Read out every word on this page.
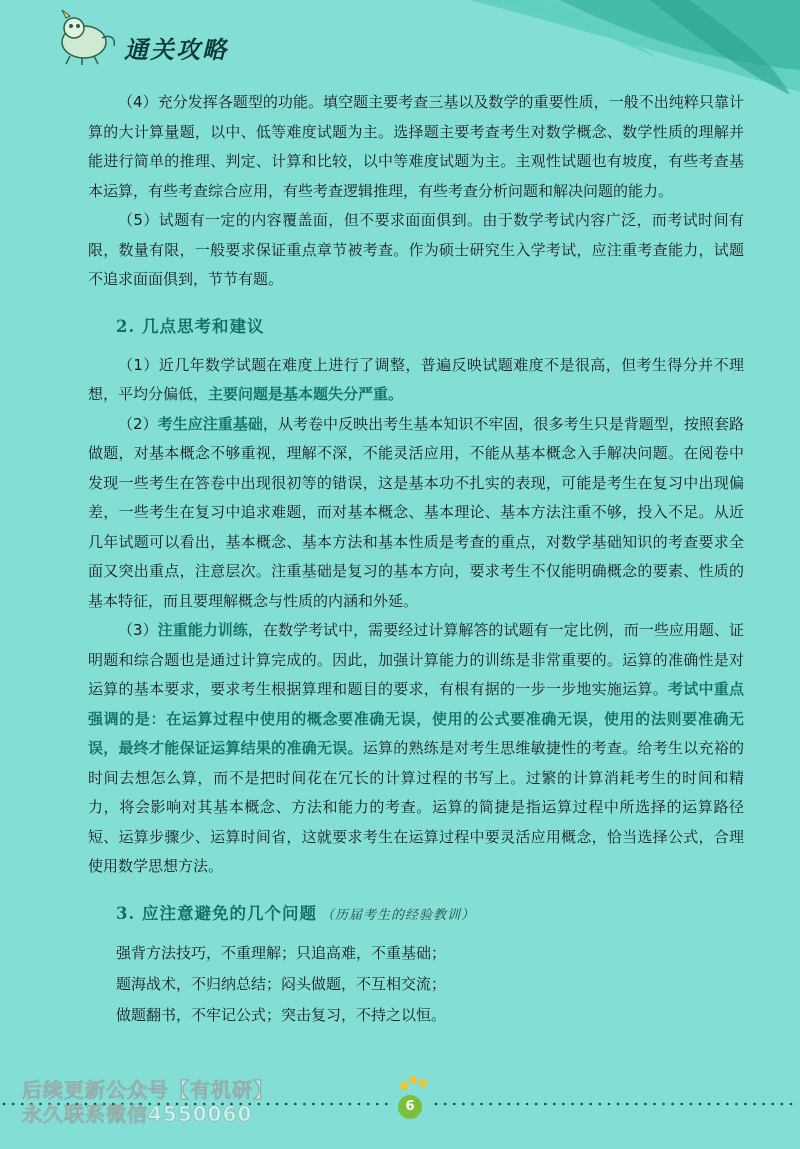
通关攻略

（4）充分发挥各题型的功能。填空题主要考查三基以及数学的重要性质，一般不出纯粹只靠计算的大计算量题，以中、低等难度试题为主。选择题主要考查考生对数学概念、数学性质的理解并能进行简单的推理、判定、计算和比较，以中等难度试题为主。主观性试题也有坡度，有些考查基本运算，有些考查综合应用，有些考查逻辑推理，有些考查分析问题和解决问题的能力。

（5）试题有一定的内容覆盖面，但不要求面面俱到。由于数学考试内容广泛，而考试时间有限，数量有限，一般要求保证重点章节被考查。作为硕士研究生入学考试，应注重考查能力，试题不追求面面俱到，节节有题。

2. 几点思考和建议

（1）近几年数学试题在难度上进行了调整，普遍反映试题难度不是很高，但考生得分并不理想，平均分偏低，主要问题是基本题失分严重。

（2）考生应注重基础，从考卷中反映出考生基本知识不牢固，很多考生只是背题型，按照套路做题，对基本概念不够重视，理解不深，不能灵活应用，不能从基本概念入手解决问题。在阅卷中发现一些考生在答卷中出现很初等的错误，这是基本功不扎实的表现，可能是考生在复习中出现偏差，一些考生在复习中追求难题，而对基本概念、基本理论、基本方法注重不够，投入不足。从近几年试题可以看出，基本概念、基本方法和基本性质是考查的重点，对数学基础知识的考查要求全面又突出重点，注意层次。注重基础是复习的基本方向，要求考生不仅能明确概念的要素、性质的基本特征，而且要理解概念与性质的内涵和外延。

（3）注重能力训练，在数学考试中，需要经过计算解答的试题有一定比例，而一些应用题、证明题和综合题也是通过计算完成的。因此，加强计算能力的训练是非常重要的。运算的准确性是对运算的基本要求，要求考生根据算理和题目的要求，有根有据的一步一步地实施运算。考试中重点强调的是：在运算过程中使用的概念要准确无误，使用的公式要准确无误，使用的法则要准确无误，最终才能保证运算结果的准确无误。运算的熟练是对考生思维敏捷性的考查。给考生以充裕的时间去想怎么算，而不是把时间花在冗长的计算过程的书写上。过繁的计算消耗考生的时间和精力，将会影响对其基本概念、方法和能力的考查。运算的简捷是指运算过程中所选择的运算路径短、运算步骤少、运算时间省，这就要求考生在运算过程中要灵活应用概念，恰当选择公式，合理使用数学思想方法。

3. 应注意避免的几个问题 （历届考生的经验教训）
强背方法技巧，不重理解；只追高难，不重基础；
题海战术，不归纳总结；闷头做题，不互相交流；
做题翻书，不牢记公式；突击复习，不持之以恒。
6
后续更新公众号【有机研】
永久联系微信4550060
